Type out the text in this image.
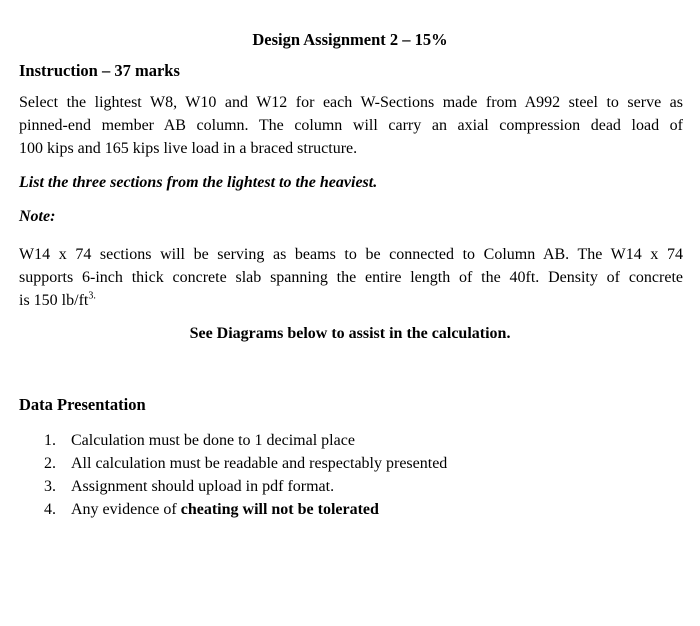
Design Assignment 2 – 15%
Instruction – 37 marks
Select the lightest W8, W10 and W12 for each W-Sections made from A992 steel to serve as
pinned-end member AB column. The column will carry an axial compression dead load of
100 kips and 165 kips live load in a braced structure.
List the three sections from the lightest to the heaviest.
Note:
W14 x 74 sections will be serving as beams to be connected to Column AB. The W14 x 74
supports 6-inch thick concrete slab spanning the entire length of the 40ft. Density of concrete
is 150 $lb/ft^{3.}$
See Diagrams below to assist in the calculation.
Data Presentation
1. Calculation must be done to 1 decimal place
2. All calculation must be readable and respectably presented
3. Assignment should upload in pdf format.
4. Any evidence of cheating will not be tolerated
